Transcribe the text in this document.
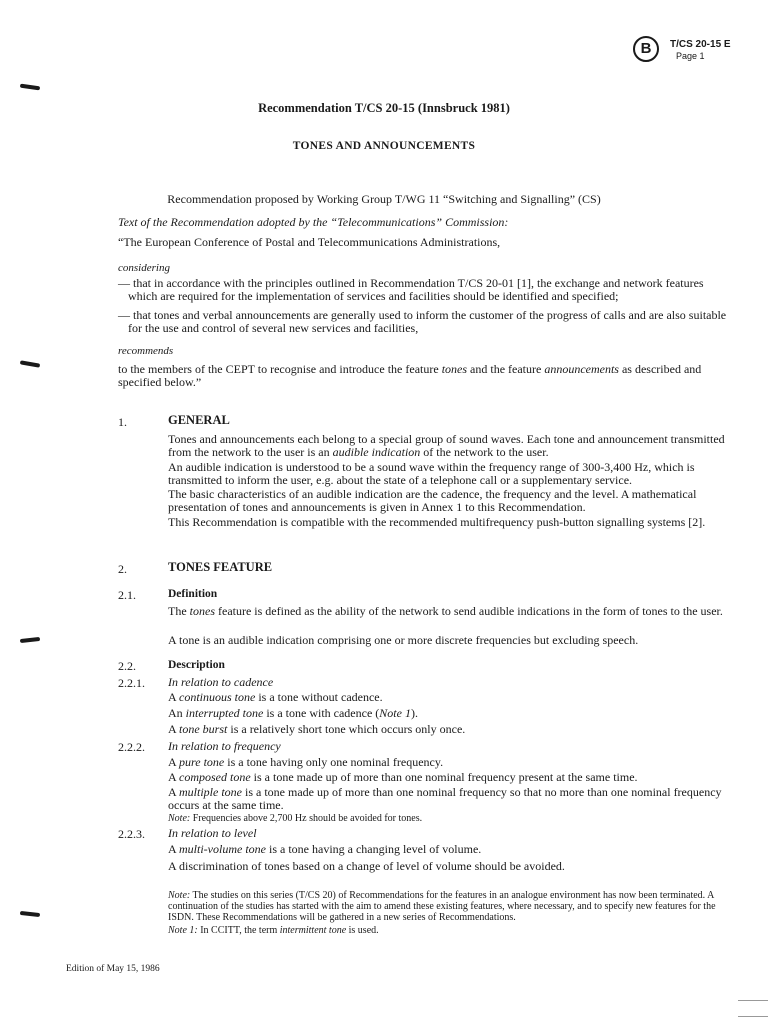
B	T/CS 20-15 E
Page 1
Recommendation T/CS 20-15 (Innsbruck 1981)
TONES AND ANNOUNCEMENTS
Recommendation proposed by Working Group T/WG 11 “Switching and Signalling” (CS)
Text of the Recommendation adopted by the “Telecommunications” Commission:
“The European Conference of Postal and Telecommunications Administrations,
considering
— that in accordance with the principles outlined in Recommendation T/CS 20-01 [1], the exchange and network features which are required for the implementation of services and facilities should be identified and specified;
— that tones and verbal announcements are generally used to inform the customer of the progress of calls and are also suitable for the use and control of several new services and facilities,
recommends
to the members of the CEPT to recognise and introduce the feature tones and the feature announcements as described and specified below.”
1.	GENERAL
Tones and announcements each belong to a special group of sound waves. Each tone and announcement transmitted from the network to the user is an audible indication of the network to the user.
An audible indication is understood to be a sound wave within the frequency range of 300-3,400 Hz, which is transmitted to inform the user, e.g. about the state of a telephone call or a supplementary service.
The basic characteristics of an audible indication are the cadence, the frequency and the level. A mathematical presentation of tones and announcements is given in Annex 1 to this Recommendation.
This Recommendation is compatible with the recommended multifrequency push-button signalling systems [2].
2.	TONES FEATURE
2.1.	Definition
The tones feature is defined as the ability of the network to send audible indications in the form of tones to the user.
A tone is an audible indication comprising one or more discrete frequencies but excluding speech.
2.2.	Description
2.2.1. In relation to cadence
A continuous tone is a tone without cadence.
An interrupted tone is a tone with cadence (Note 1).
A tone burst is a relatively short tone which occurs only once.
2.2.2. In relation to frequency
A pure tone is a tone having only one nominal frequency.
A composed tone is a tone made up of more than one nominal frequency present at the same time.
A multiple tone is a tone made up of more than one nominal frequency so that no more than one nominal frequency occurs at the same time.
Note: Frequencies above 2,700 Hz should be avoided for tones.
2.2.3. In relation to level
A multi-volume tone is a tone having a changing level of volume.
A discrimination of tones based on a change of level of volume should be avoided.
Note: The studies on this series (T/CS 20) of Recommendations for the features in an analogue environment has now been terminated. A continuation of the studies has started with the aim to amend these existing features, where necessary, and to specify new features for the ISDN. These Recommendations will be gathered in a new series of Recommendations.
Note 1: In CCITT, the term intermittent tone is used.
Edition of May 15, 1986
